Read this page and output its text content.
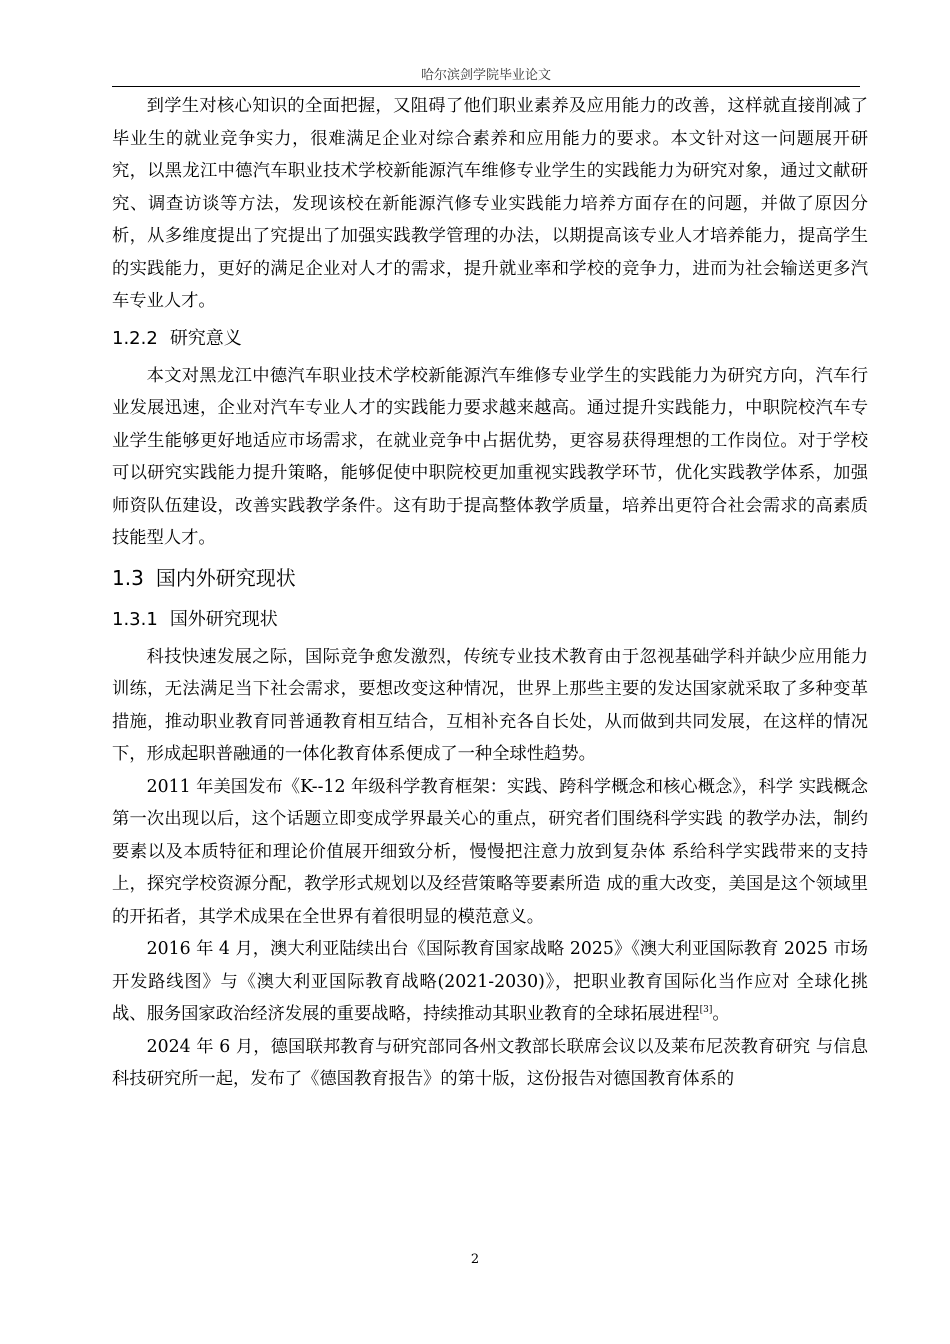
哈尔滨剑学院毕业论文

到学生对核心知识的全面把握，又阻碍了他们职业素养及应用能力的改善，这样就直接削减了毕业生的就业竞争实力，很难满足企业对综合素养和应用能力的要求。本文针对这一问题展开研究，以黑龙江中德汽车职业技术学校新能源汽车维修专业学生的实践能力为研究对象，通过文献研究、调查访谈等方法，发现该校在新能源汽修专业实践能力培养方面存在的问题，并做了原因分析，从多维度提出了究提出了加强实践教学管理的办法，以期提高该专业人才培养能力，提高学生的实践能力，更好的满足企业对人才的需求，提升就业率和学校的竞争力，进而为社会输送更多汽车专业人才。

1.2.2 研究意义

本文对黑龙江中德汽车职业技术学校新能源汽车维修专业学生的实践能力为研究方向，汽车行业发展迅速，企业对汽车专业人才的实践能力要求越来越高。通过提升实践能力，中职院校汽车专业学生能够更好地适应市场需求，在就业竞争中占据优势，更容易获得理想的工作岗位。对于学校可以研究实践能力提升策略，能够促使中职院校更加重视实践教学环节，优化实践教学体系，加强师资队伍建设，改善实践教学条件。这有助于提高整体教学质量，培养出更符合社会需求的高素质技能型人才。

1.3 国内外研究现状
1.3.1 国外研究现状

科技快速发展之际，国际竞争愈发激烈，传统专业技术教育由于忽视基础学科并缺少应用能力训练，无法满足当下社会需求，要想改变这种情况，世界上那些主要的发达国家就采取了多种变革措施，推动职业教育同普通教育相互结合，互相补充各自长处，从而做到共同发展，在这样的情况下，形成起职普融通的一体化教育体系便成了一种全球性趋势。

2011 年美国发布《K--12 年级科学教育框架：实践、跨科学概念和核心概念》，科学 实践概念第一次出现以后，这个话题立即变成学界最关心的重点，研究者们围绕科学实践 的教学办法，制约要素以及本质特征和理论价值展开细致分析，慢慢把注意力放到复杂体 系给科学实践带来的支持上，探究学校资源分配，教学形式规划以及经营策略等要素所造 成的重大改变，美国是这个领域里的开拓者，其学术成果在全世界有着很明显的模范意义。

2016 年 4 月，澳大利亚陆续出台《国际教育国家战略 2025》《澳大利亚国际教育 2025 市场开发路线图》与《澳大利亚国际教育战略(2021-2030)》，把职业教育国际化当作应对 全球化挑战、服务国家政治经济发展的重要战略，持续推动其职业教育的全球拓展进程[3]。

2024 年 6 月，德国联邦教育与研究部同各州文教部长联席会议以及莱布尼茨教育研究 与信息科技研究所一起，发布了《德国教育报告》的第十版，这份报告对德国教育体系的

2
